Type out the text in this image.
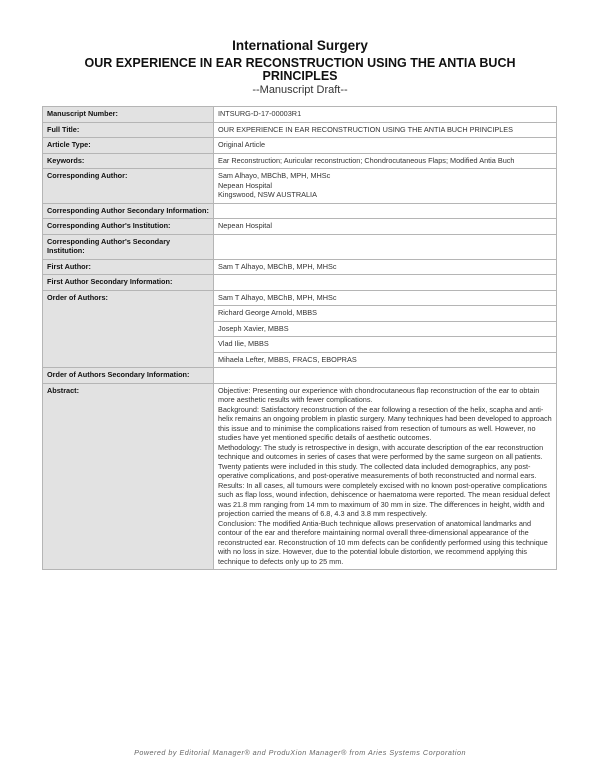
International Surgery
OUR EXPERIENCE IN EAR RECONSTRUCTION USING THE ANTIA BUCH PRINCIPLES
--Manuscript Draft--
Manuscript Number:	INTSURG-D-17-00003R1
Full Title:	OUR EXPERIENCE IN EAR RECONSTRUCTION USING THE ANTIA BUCH PRINCIPLES
Article Type:	Original Article
Keywords:	Ear Reconstruction; Auricular reconstruction; Chondrocutaneous Flaps; Modified Antia Buch
Corresponding Author:	Sam Alhayo, MBChB, MPH, MHSc
Nepean Hospital
Kingswood, NSW AUSTRALIA

Corresponding Author Secondary Information:	
Corresponding Author's Institution:	Nepean Hospital
Corresponding Author's Secondary Institution:	
First Author:	Sam T Alhayo, MBChB, MPH, MHSc
First Author Secondary Information:	
Order of Authors:	Sam T Alhayo, MBChB, MPH, MHSc
	Richard George Arnold, MBBS
	Joseph Xavier, MBBS
	Vlad Ilie, MBBS
	Mihaela Lefter, MBBS, FRACS, EBOPRAS
Order of Authors Secondary Information:	
Abstract:	Objective: Presenting our experience with chondrocutaneous flap reconstruction of the ear to obtain more aesthetic results with fewer complications.
Background: Satisfactory reconstruction of the ear following a resection of the helix, scapha and anti-helix remains an ongoing problem in plastic surgery. Many techniques had been developed to approach this issue and to minimise the complications raised from resection of tumours as well. However, no studies have yet mentioned specific details of aesthetic outcomes.
Methodology: The study is retrospective in design, with accurate description of the ear reconstruction technique and outcomes in series of cases that were performed by the same surgeon on all patients. Twenty patients were included in this study. The collected data included demographics, any post-operative complications, and post-operative measurements of both reconstructed and normal ears.
Results: In all cases, all tumours were completely excised with no known post-operative complications such as flap loss, wound infection, dehiscence or haematoma were reported. The mean residual defect was 21.8 mm ranging from 14 mm to maximum of 30 mm in size. The differences in height, width and projection carried the means of 6.8, 4.3 and 3.8 mm respectively.
Conclusion: The modified Antia-Buch technique allows preservation of anatomical landmarks and contour of the ear and therefore maintaining normal overall three-dimensional appearance of the reconstructed ear. Reconstruction of 10 mm defects can be confidently performed using this technique with no loss in size. However, due to the potential lobule distortion, we recommend applying this technique to defects only up to 25 mm.
Powered by Editorial Manager® and ProduXion Manager® from Aries Systems Corporation
